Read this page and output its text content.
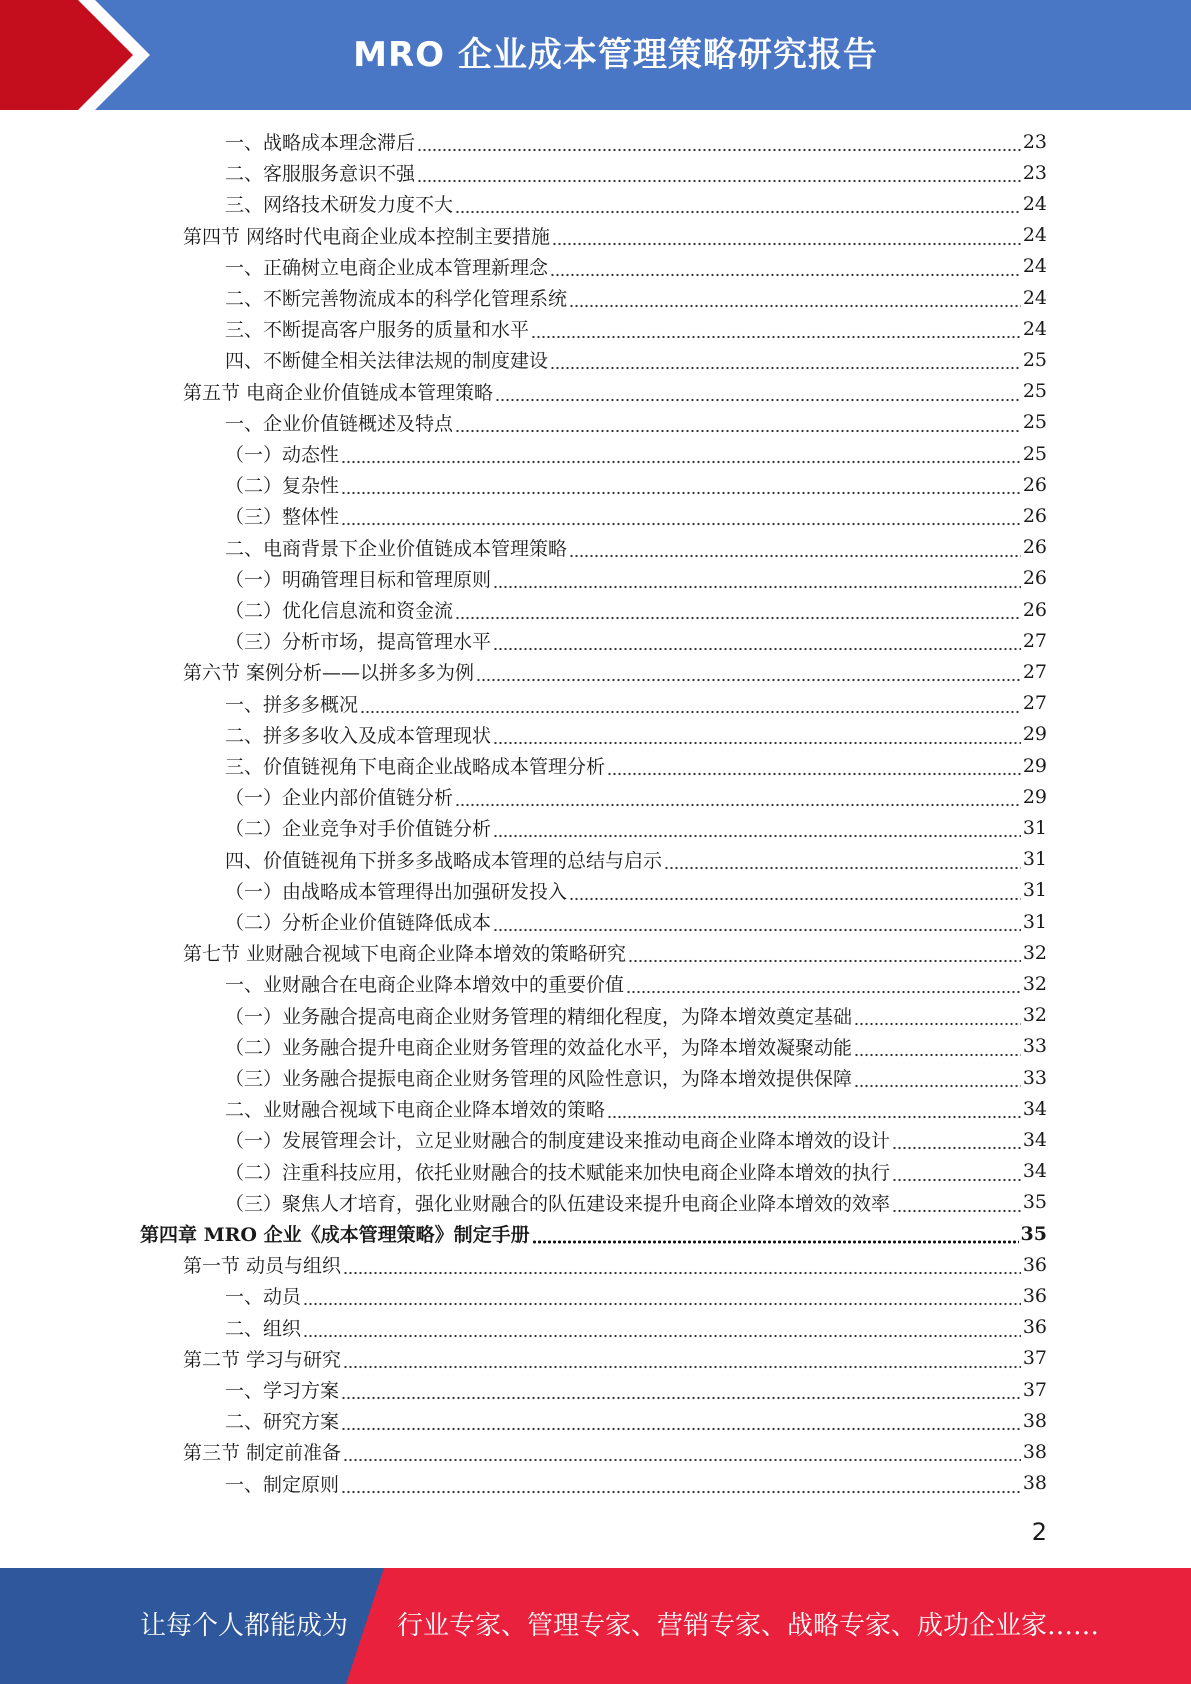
MRO 企业成本管理策略研究报告
一、战略成本理念滞后	23
二、客服服务意识不强	23
三、网络技术研发力度不大	24
第四节 网络时代电商企业成本控制主要措施	24
一、正确树立电商企业成本管理新理念	24
二、不断完善物流成本的科学化管理系统	24
三、不断提高客户服务的质量和水平	24
四、不断健全相关法律法规的制度建设	25
第五节 电商企业价值链成本管理策略	25
一、企业价值链概述及特点	25
（一）动态性	25
（二）复杂性	26
（三）整体性	26
二、电商背景下企业价值链成本管理策略	26
（一）明确管理目标和管理原则	26
（二）优化信息流和资金流	26
（三）分析市场，提高管理水平	27
第六节 案例分析——以拼多多为例	27
一、拼多多概况	27
二、拼多多收入及成本管理现状	29
三、价值链视角下电商企业战略成本管理分析	29
（一）企业内部价值链分析	29
（二）企业竞争对手价值链分析	31
四、价值链视角下拼多多战略成本管理的总结与启示	31
（一）由战略成本管理得出加强研发投入	31
（二）分析企业价值链降低成本	31
第七节 业财融合视域下电商企业降本增效的策略研究	32
一、业财融合在电商企业降本增效中的重要价值	32
（一）业务融合提高电商企业财务管理的精细化程度，为降本增效奠定基础	32
（二）业务融合提升电商企业财务管理的效益化水平，为降本增效凝聚动能	33
（三）业务融合提振电商企业财务管理的风险性意识，为降本增效提供保障	33
二、业财融合视域下电商企业降本增效的策略	34
（一）发展管理会计，立足业财融合的制度建设来推动电商企业降本增效的设计	34
（二）注重科技应用，依托业财融合的技术赋能来加快电商企业降本增效的执行	34
（三）聚焦人才培育，强化业财融合的队伍建设来提升电商企业降本增效的效率	35
第四章 MRO 企业《成本管理策略》制定手册	35
第一节 动员与组织	36
一、动员	36
二、组织	36
第二节 学习与研究	37
一、学习方案	37
二、研究方案	38
第三节 制定前准备	38
一、制定原则	38
2
让每个人都能成为 行业专家、管理专家、营销专家、战略专家、成功企业家……
